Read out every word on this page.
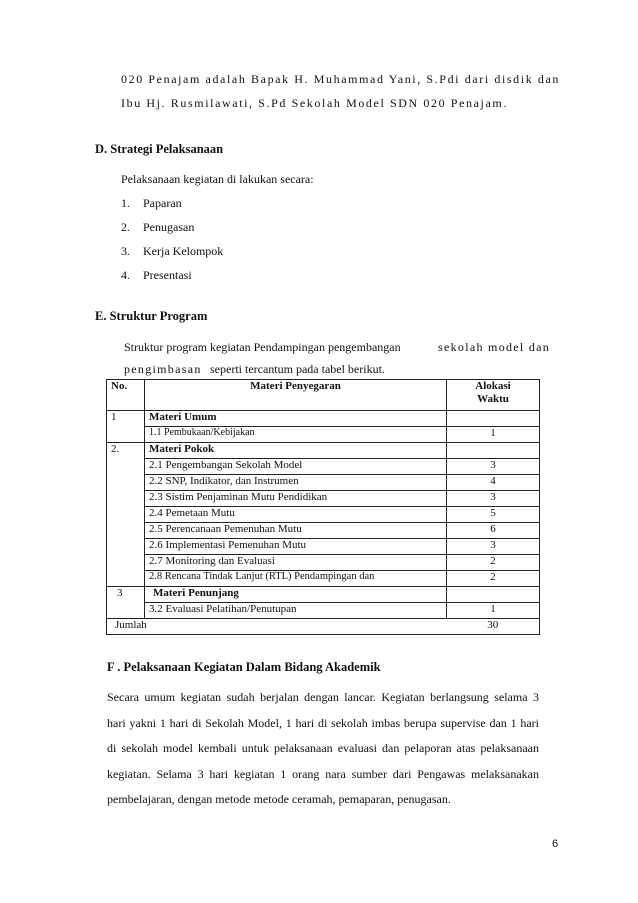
020 Penajam adalah Bapak H. Muhammad Yani, S.Pdi dari disdik dan
Ibu Hj. Rusmilawati, S.Pd Sekolah Model SDN 020 Penajam.
D. Strategi Pelaksanaan
Pelaksanaan kegiatan di lakukan secara:
1. Paparan
2. Penugasan
3. Kerja Kelompok
4. Presentasi
E. Struktur Program
Struktur program kegiatan Pendampingan pengembangan	sekolah model dan
pengimbasan seperti tercantum pada tabel berikut.
No.	Materi Penyegaran	Alokasi
Waktu
1	Materi Umum	
	1.1 Pembukaan/Kebijakan	1
2.	Materi Pokok	
	2.1 Pengembangan Sekolah Model	3
	2.2 SNP, Indikator, dan Instrumen	4
	2.3 Sistim Penjaminan Mutu Pendidikan	3
	2.4 Pemetaan Mutu	5
	2.5 Perencanaan Pemenuhan Mutu	6
	2.6 Implementasi Pemenuhan Mutu	3
	2.7 Monitoring dan Evaluasi	2
	2.8 Rencana Tindak Lanjut (RTL) Pendampingan dan	2
3	Materi Penunjang	
	3.2 Evaluasi Pelatihan/Penutupan	1
Jumlah		30
F . Pelaksanaan Kegiatan Dalam Bidang Akademik
Secara umum kegiatan sudah berjalan dengan lancar. Kegiatan berlangsung selama 3
hari yakni 1 hari di Sekolah Model, 1 hari di sekolah imbas berupa supervise dan 1 hari
di sekolah model kembali untuk pelaksanaan evaluasi dan pelaporan atas pelaksanaan
kegiatan. Selama 3 hari kegiatan 1 orang nara sumber dari Pengawas melaksanakan
pembelajaran, dengan metode metode ceramah, pemaparan, penugasan.
6
